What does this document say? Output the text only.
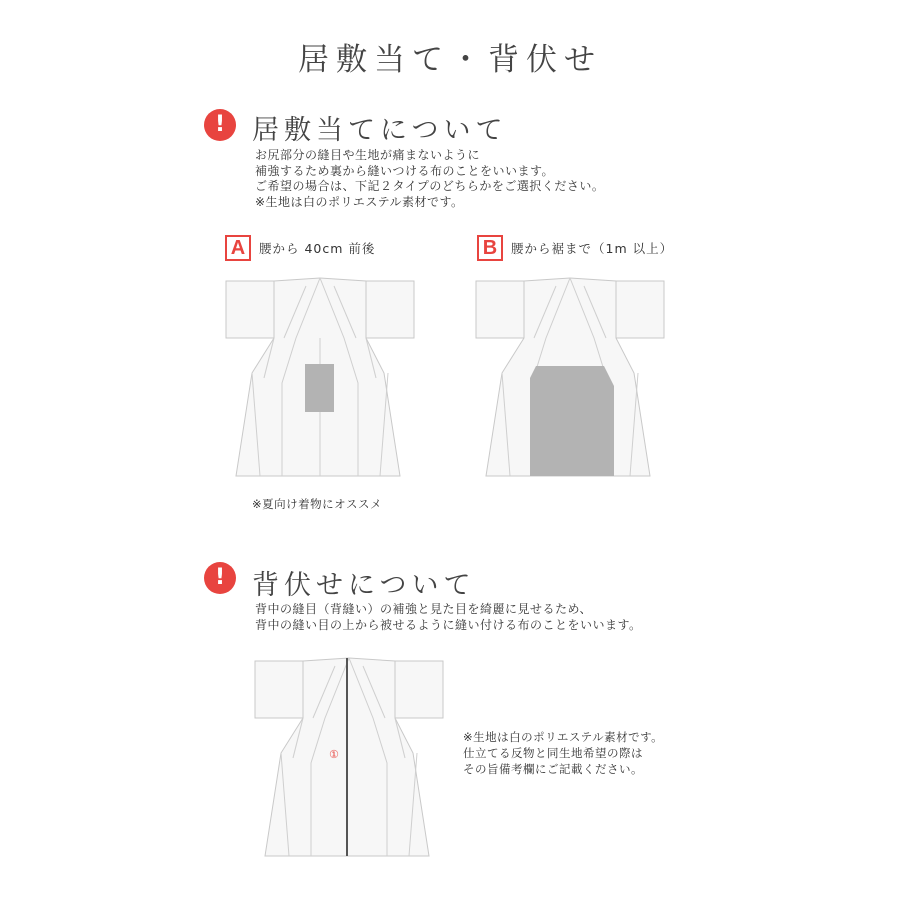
居敷当て・背伏せ
! 居敷当てについて
お尻部分の縫目や生地が痛まないように
補強するため裏から縫いつける布のことをいいます。
ご希望の場合は、下記２タイプのどちらかをご選択ください。
※生地は白のポリエステル素材です。
A	腰から 40cm 前後	B	腰から裾まで（1m 以上）
※夏向け着物にオススメ
! 背伏せについて
背中の縫目（背縫い）の補強と見た目を綺麗に見せるため、
背中の縫い目の上から被せるように縫い付ける布のことをいいます。
①
※生地は白のポリエステル素材です。
仕立てる反物と同生地希望の際は
その旨備考欄にご記載ください。
